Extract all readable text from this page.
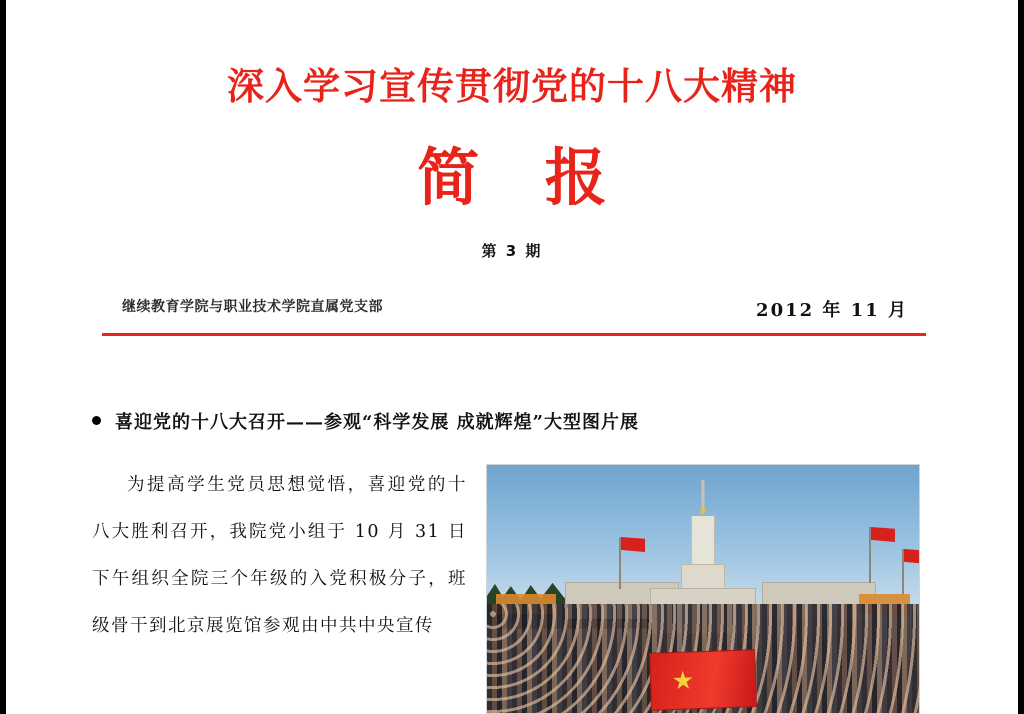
深入学习宣传贯彻党的十八大精神
简 报
第 3 期
继续教育学院与职业技术学院直属党支部	2012 年 11 月
喜迎党的十八大召开——参观“科学发展 成就辉煌”大型图片展

为提高学生党员思想觉悟，喜迎党的十八大胜利召开，我院党小组于 10 月 31 日下午组织全院三个年级的入党积极分子，班级骨干到北京展览馆参观由中共中央宣传
